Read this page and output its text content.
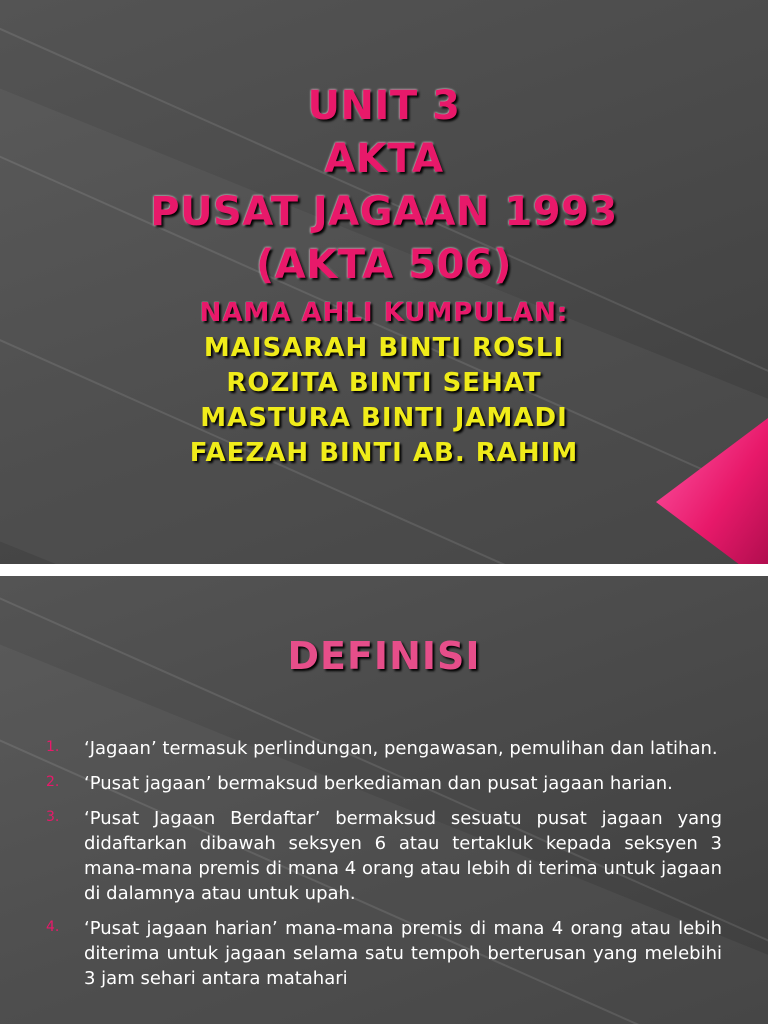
UNIT 3
AKTA
PUSAT JAGAAN 1993
(AKTA 506)
NAMA AHLI KUMPULAN:
MAISARAH BINTI ROSLI
ROZITA BINTI SEHAT
MASTURA BINTI JAMADI
FAEZAH BINTI AB. RAHIM
DEFINISI
1. ‘Jagaan’ termasuk perlindungan, pengawasan, pemulihan dan latihan.
2. ‘Pusat jagaan’ bermaksud berkediaman dan pusat jagaan harian.
3. ‘Pusat Jagaan Berdaftar’ bermaksud sesuatu pusat jagaan yang didaftarkan dibawah seksyen 6 atau tertakluk kepada seksyen 3 mana-mana premis di mana 4 orang atau lebih di terima untuk jagaan di dalamnya atau untuk upah.
4. ‘Pusat jagaan harian’ mana-mana premis di mana 4 orang atau lebih diterima untuk jagaan selama satu tempoh berterusan yang melebihi 3 jam sehari antara matahari
